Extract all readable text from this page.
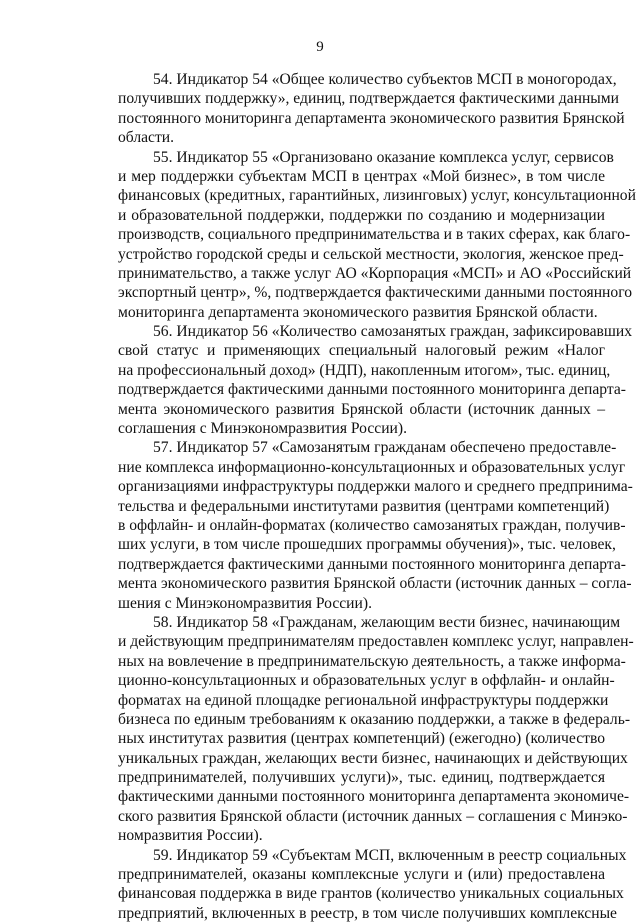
9
54. Индикатор 54 «Общее количество субъектов МСП в моногородах,
получивших поддержку», единиц, подтверждается фактическими данными
постоянного мониторинга департамента экономического развития Брянской
области.
55. Индикатор 55 «Организовано оказание комплекса услуг, сервисов
и мер поддержки субъектам МСП в центрах «Мой бизнес», в том числе
финансовых (кредитных, гарантийных, лизинговых) услуг, консультационной
и образовательной поддержки, поддержки по созданию и модернизации
производств, социального предпринимательства и в таких сферах, как благо-
устройство городской среды и сельской местности, экология, женское пред-
принимательство, а также услуг АО «Корпорация «МСП» и АО «Российский
экспортный центр», %, подтверждается фактическими данными постоянного
мониторинга департамента экономического развития Брянской области.
56. Индикатор 56 «Количество самозанятых граждан, зафиксировавших
свой статус и применяющих специальный налоговый режим «Налог
на профессиональный доход» (НДП), накопленным итогом», тыс. единиц,
подтверждается фактическими данными постоянного мониторинга департа-
мента экономического развития Брянской области (источник данных –
соглашения с Минэкономразвития России).
57. Индикатор 57 «Самозанятым гражданам обеспечено предоставле-
ние комплекса информационно-консультационных и образовательных услуг
организациями инфраструктуры поддержки малого и среднего предпринима-
тельства и федеральными институтами развития (центрами компетенций)
в оффлайн- и онлайн-форматах (количество самозанятых граждан, получив-
ших услуги, в том числе прошедших программы обучения)», тыс. человек,
подтверждается фактическими данными постоянного мониторинга департа-
мента экономического развития Брянской области (источник данных – согла-
шения с Минэкономразвития России).
58. Индикатор 58 «Гражданам, желающим вести бизнес, начинающим
и действующим предпринимателям предоставлен комплекс услуг, направлен-
ных на вовлечение в предпринимательскую деятельность, а также информа-
ционно-консультационных и образовательных услуг в оффлайн- и онлайн-
форматах на единой площадке региональной инфраструктуры поддержки
бизнеса по единым требованиям к оказанию поддержки, а также в федераль-
ных институтах развития (центрах компетенций) (ежегодно) (количество
уникальных граждан, желающих вести бизнес, начинающих и действующих
предпринимателей, получивших услуги)», тыс. единиц, подтверждается
фактическими данными постоянного мониторинга департамента экономиче-
ского развития Брянской области (источник данных – соглашения с Минэко-
номразвития России).
59. Индикатор 59 «Субъектам МСП, включенным в реестр социальных
предпринимателей, оказаны комплексные услуги и (или) предоставлена
финансовая поддержка в виде грантов (количество уникальных социальных
предприятий, включенных в реестр, в том числе получивших комплексные
